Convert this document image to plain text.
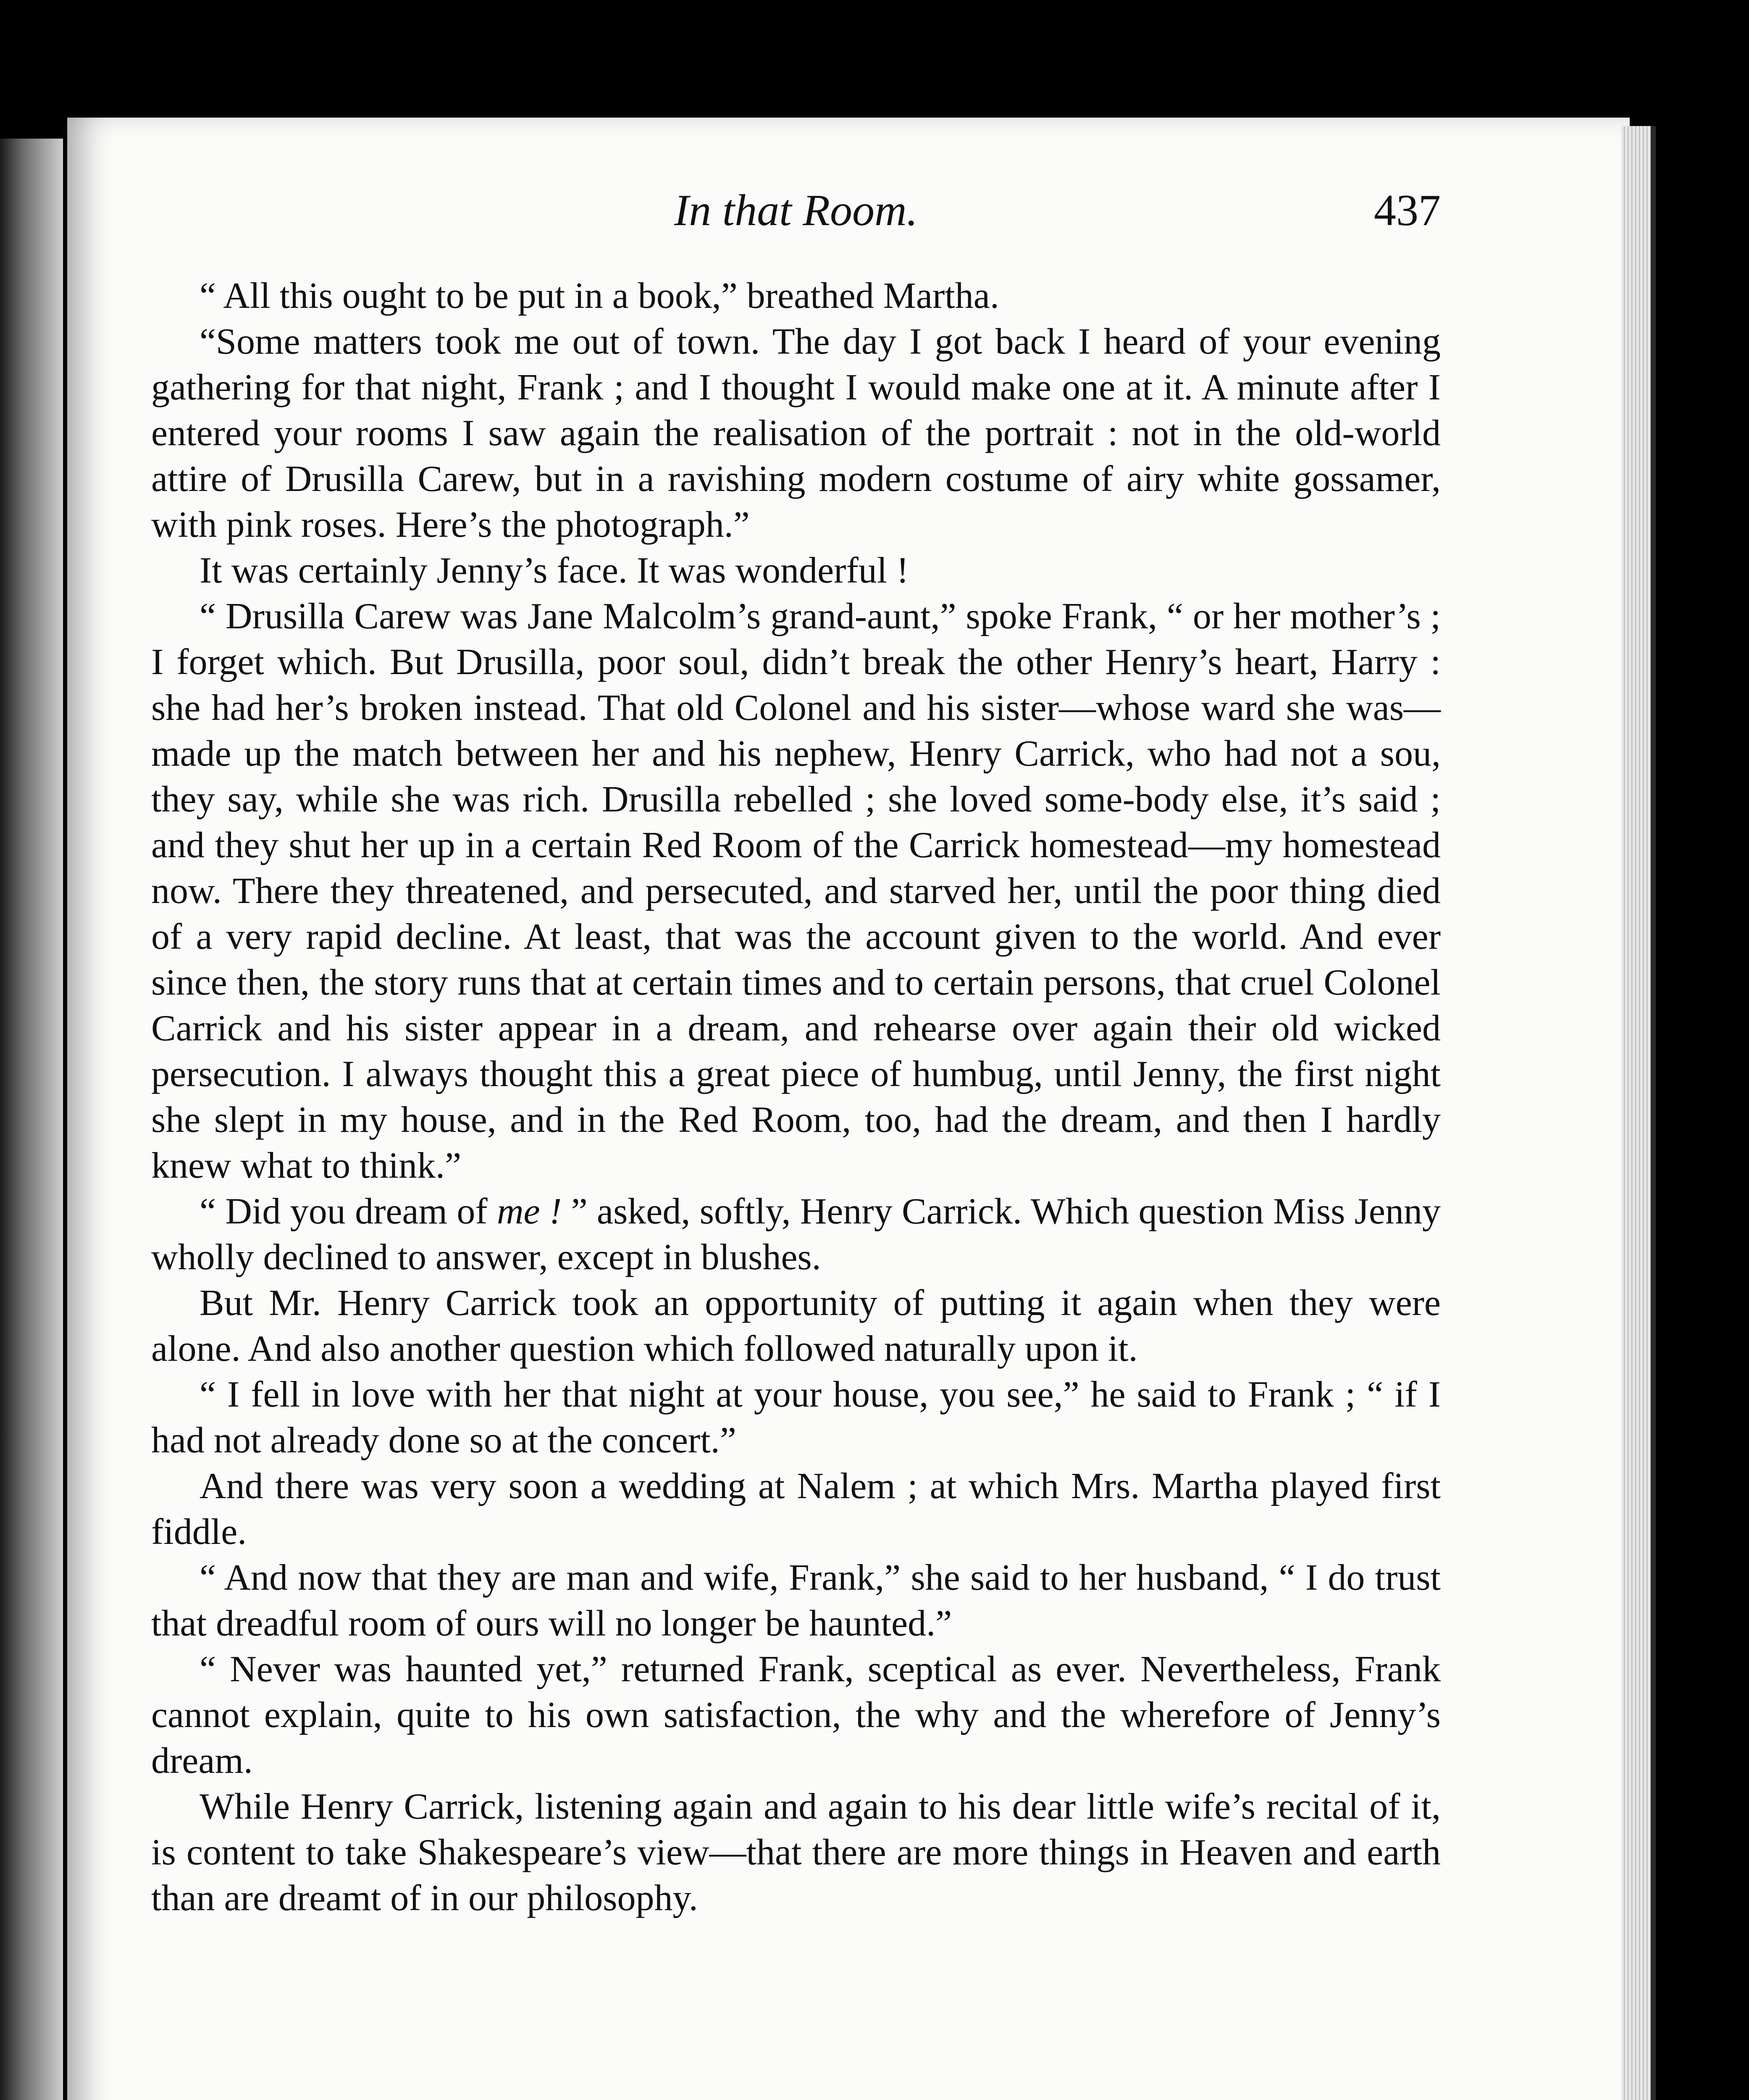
In that Room.	437

“ All this ought to be put in a book,” breathed Martha.

“Some matters took me out of town. The day I got back I heard of your evening gathering for that night, Frank ; and I thought I would make one at it. A minute after I entered your rooms I saw again the realisation of the portrait : not in the old-world attire of Drusilla Carew, but in a ravishing modern costume of airy white gossamer, with pink roses. Here’s the photograph.”

It was certainly Jenny’s face. It was wonderful !

“ Drusilla Carew was Jane Malcolm’s grand-aunt,” spoke Frank, “ or her mother’s ; I forget which. But Drusilla, poor soul, didn’t break the other Henry’s heart, Harry : she had her’s broken instead. That old Colonel and his sister—whose ward she was—made up the match between her and his nephew, Henry Carrick, who had not a sou, they say, while she was rich. Drusilla rebelled ; she loved some-body else, it’s said ; and they shut her up in a certain Red Room of the Carrick homestead—my homestead now. There they threatened, and persecuted, and starved her, until the poor thing died of a very rapid decline. At least, that was the account given to the world. And ever since then, the story runs that at certain times and to certain persons, that cruel Colonel Carrick and his sister appear in a dream, and rehearse over again their old wicked persecution. I always thought this a great piece of humbug, until Jenny, the first night she slept in my house, and in the Red Room, too, had the dream, and then I hardly knew what to think.”

“ Did you dream of me ! ” asked, softly, Henry Carrick. Which question Miss Jenny wholly declined to answer, except in blushes.

But Mr. Henry Carrick took an opportunity of putting it again when they were alone. And also another question which followed naturally upon it.

“ I fell in love with her that night at your house, you see,” he said to Frank ; “ if I had not already done so at the concert.”

And there was very soon a wedding at Nalem ; at which Mrs. Martha played first fiddle.

“ And now that they are man and wife, Frank,” she said to her husband, “ I do trust that dreadful room of ours will no longer be haunted.”

“ Never was haunted yet,” returned Frank, sceptical as ever. Nevertheless, Frank cannot explain, quite to his own satisfaction, the why and the wherefore of Jenny’s dream.

While Henry Carrick, listening again and again to his dear little wife’s recital of it, is content to take Shakespeare’s view—that there are more things in Heaven and earth than are dreamt of in our philosophy.
